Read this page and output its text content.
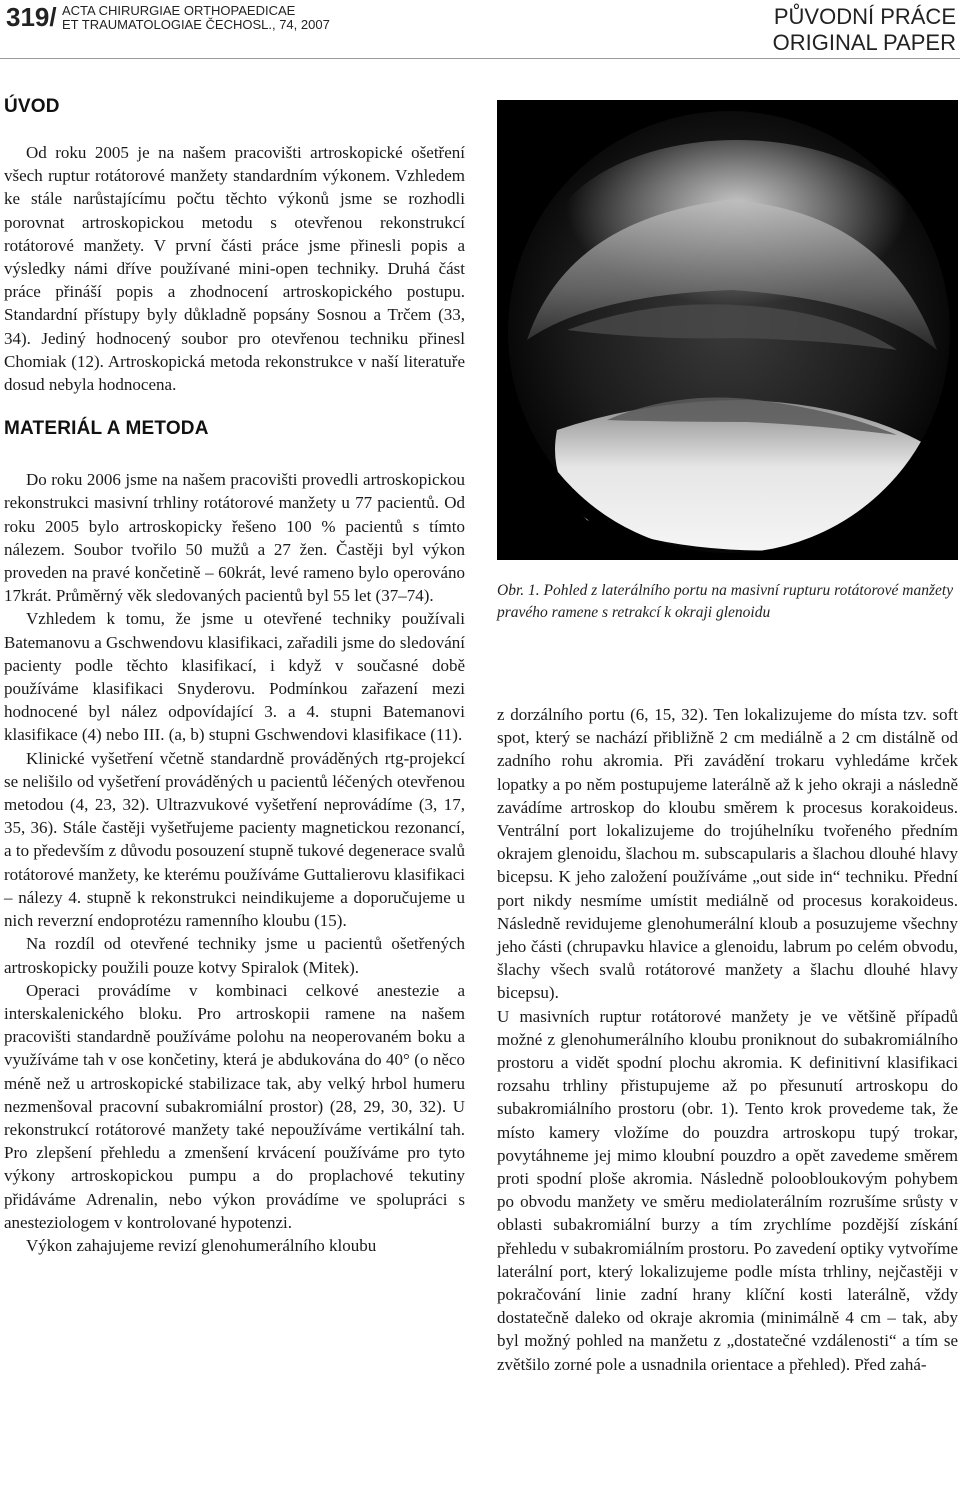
319/ ACTA CHIRURGIAE ORTHOPAEDICAE
ET TRAUMATOLOGIAE ČECHOSL., 74, 2007	PŮVODNÍ PRÁCE
ORIGINAL PAPER
ÚVOD

Od roku 2005 je na našem pracovišti artroskopické ošetření všech ruptur rotátorové manžety standardním výkonem. Vzhledem ke stále narůstajícímu počtu těchto výkonů jsme se rozhodli porovnat artroskopickou metodu s otevřenou rekonstrukcí rotátorové manžety. V první části práce jsme přinesli popis a výsledky námi dříve používané mini-open techniky. Druhá část práce přináší popis a zhodnocení artroskopického postupu. Standardní přístupy byly důkladně popsány Sosnou a Trčem (33, 34). Jediný hodnocený soubor pro otevřenou techniku přinesl Chomiak (12). Artroskopická metoda rekonstrukce v naší literatuře dosud nebyla hodnocena.

MATERIÁL A METODA

Do roku 2006 jsme na našem pracovišti provedli artroskopickou rekonstrukci masivní trhliny rotátorové manžety u 77 pacientů. Od roku 2005 bylo artroskopicky řešeno 100 % pacientů s tímto nálezem. Soubor tvořilo 50 mužů a 27 žen. Častěji byl výkon proveden na pravé končetině – 60krát, levé rameno bylo operováno 17krát. Průměrný věk sledovaných pacientů byl 55 let (37–74).

Vzhledem k tomu, že jsme u otevřené techniky používali Batemanovu a Gschwendovu klasifikaci, zařadili jsme do sledování pacienty podle těchto klasifikací, i když v současné době používáme klasifikaci Snyderovu. Podmínkou zařazení mezi hodnocené byl nález odpovídající 3. a 4. stupni Batemanovi klasifikace (4) nebo III. (a, b) stupni Gschwendovi klasifikace (11).

Klinické vyšetření včetně standardně prováděných rtg-projekcí se nelišilo od vyšetření prováděných u pacientů léčených otevřenou metodou (4, 23, 32). Ultrazvukové vyšetření neprovádíme (3, 17, 35, 36). Stále častěji vyšetřujeme pacienty magnetickou rezonancí, a to především z důvodu posouzení stupně tukové degenerace svalů rotátorové manžety, ke kterému používáme Guttalierovu klasifikaci – nálezy 4. stupně k rekonstrukci neindikujeme a doporučujeme u nich reverzní endoprotézu ramenního kloubu (15).

Na rozdíl od otevřené techniky jsme u pacientů ošetřených artroskopicky použili pouze kotvy Spiralok (Mitek).

Operaci provádíme v kombinaci celkové anestezie a interskalenického bloku. Pro artroskopii ramene na našem pracovišti standardně používáme polohu na neoperovaném boku a využíváme tah v ose končetiny, která je abdukována do 40° (o něco méně než u artroskopické stabilizace tak, aby velký hrbol humeru nezmenšoval pracovní subakromiální prostor) (28, 29, 30, 32). U rekonstrukcí rotátorové manžety také nepoužíváme vertikální tah. Pro zlepšení přehledu a zmenšení krvácení používáme pro tyto výkony artroskopickou pumpu a do proplachové tekutiny přidáváme Adrenalin, nebo výkon provádíme ve spolupráci s anesteziologem v kontrolované hypotenzi.

Výkon zahajujeme revizí glenohumerálního kloubu

Obr. 1. Pohled z laterálního portu na masivní rupturu rotátorové manžety pravého ramene s retrakcí k okraji glenoidu

z dorzálního portu (6, 15, 32). Ten lokalizujeme do místa tzv. soft spot, který se nachází přibližně 2 cm mediálně a 2 cm distálně od zadního rohu akromia. Při zavádění trokaru vyhledáme krček lopatky a po něm postupujeme laterálně až k jeho okraji a následně zavádíme artroskop do kloubu směrem k procesus korakoideus. Ventrální port lokalizujeme do trojúhelníku tvořeného předním okrajem glenoidu, šlachou m. subscapularis a šlachou dlouhé hlavy bicepsu. K jeho založení používáme „out side in“ techniku. Přední port nikdy nesmíme umístit mediálně od procesus korakoideus. Následně revidujeme glenohumerální kloub a posuzujeme všechny jeho části (chrupavku hlavice a glenoidu, labrum po celém obvodu, šlachy všech svalů rotátorové manžety a šlachu dlouhé hlavy bicepsu).

U masivních ruptur rotátorové manžety je ve většině případů možné z glenohumerálního kloubu proniknout do subakromiálního prostoru a vidět spodní plochu akromia. K definitivní klasifikaci rozsahu trhliny přistupujeme až po přesunutí artroskopu do subakromiálního prostoru (obr. 1). Tento krok provedeme tak, že místo kamery vložíme do pouzdra artroskopu tupý trokar, povytáhneme jej mimo kloubní pouzdro a opět zavedeme směrem proti spodní ploše akromia. Následně poloobloukovým pohybem po obvodu manžety ve směru mediolaterálním rozrušíme srůsty v oblasti subakromiální burzy a tím zrychlíme pozdější získání přehledu v subakromiálním prostoru. Po zavedení optiky vytvoříme laterální port, který lokalizujeme podle místa trhliny, nejčastěji v pokračování linie zadní hrany klíční kosti laterálně, vždy dostatečně daleko od okraje akromia (minimálně 4 cm – tak, aby byl možný pohled na manžetu z „dostatečné vzdálenosti“ a tím se zvětšilo zorné pole a usnadnila orientace a přehled). Před zahá-
